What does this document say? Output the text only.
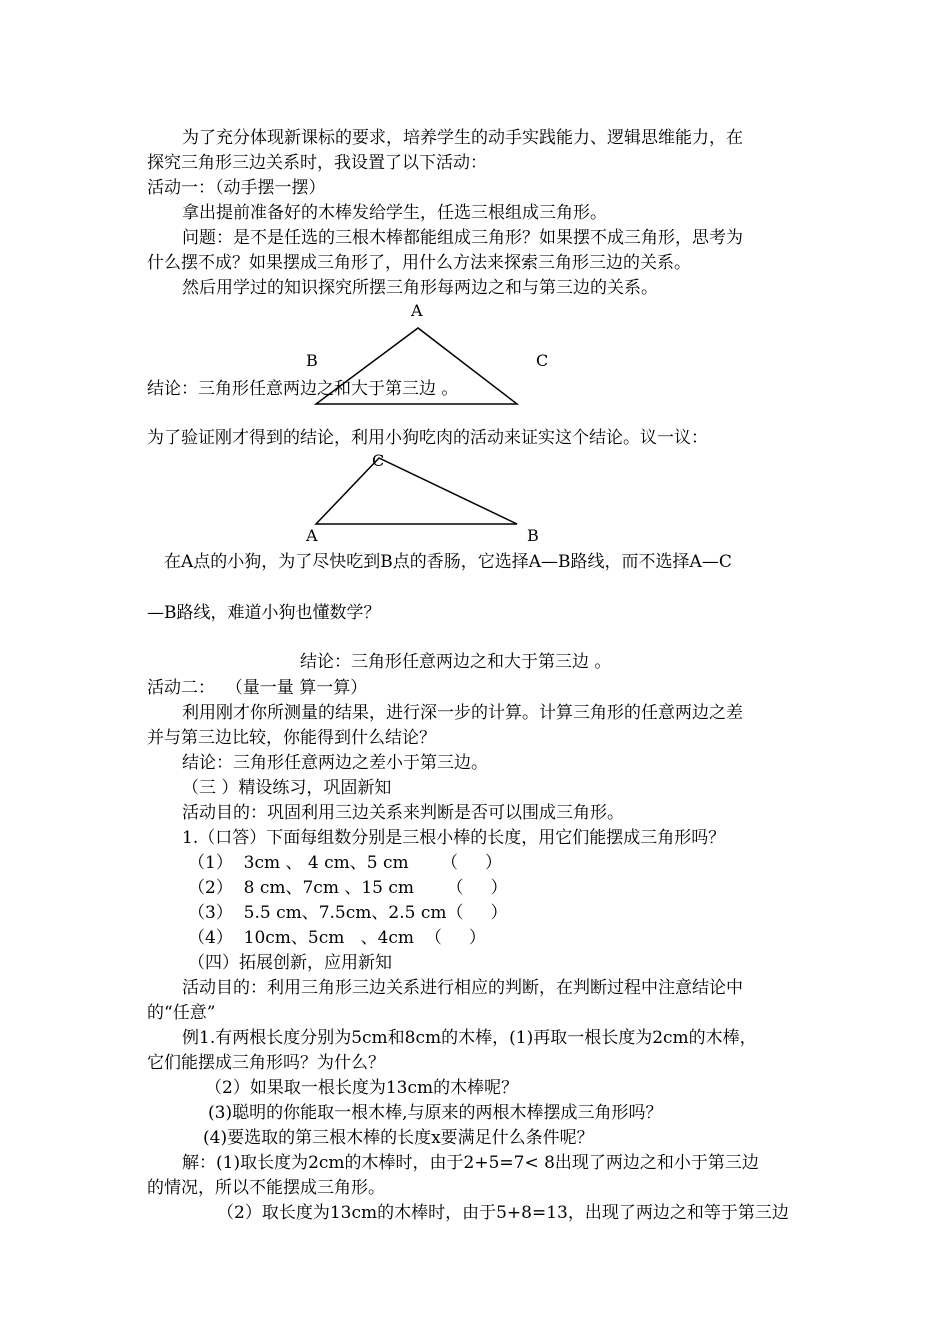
为了充分体现新课标的要求，培养学生的动手实践能力、逻辑思维能力，在
探究三角形三边关系时，我设置了以下活动：
活动一：（动手摆一摆）
拿出提前准备好的木棒发给学生，任选三根组成三角形。
问题：是不是任选的三根木棒都能组成三角形？如果摆不成三角形，思考为
什么摆不成？如果摆成三角形了，用什么方法来探索三角形三边的关系。
然后用学过的知识探究所摆三角形每两边之和与第三边的关系。
A
B	C
结论：三角形任意两边之和大于第三边 。
为了验证刚才得到的结论，利用小狗吃肉的活动来证实这个结论。议一议：
C
A	B
在A点的小狗，为了尽快吃到B点的香肠，它选择A—B路线，而不选择A—C
—B路线，难道小狗也懂数学？
结论：三角形任意两边之和大于第三边 。
活动二：  （量一量 算一算）
利用刚才你所测量的结果，进行深一步的计算。计算三角形的任意两边之差
并与第三边比较，你能得到什么结论？
结论：三角形任意两边之差小于第三边。
（三 ）精设练习，巩固新知
活动目的：巩固利用三边关系来判断是否可以围成三角形。
1.（口答）下面每组数分别是三根小棒的长度，用它们能摆成三角形吗？
（1）  3cm 、 4 cm、5 cm      （     ）
（2）  8 cm、7cm 、15 cm      （     ）
（3）  5.5 cm、7.5cm、2.5 cm（     ）
（4）  10cm、5cm   、4cm  （     ）
（四）拓展创新，应用新知
活动目的：利用三角形三边关系进行相应的判断，在判断过程中注意结论中
的“任意”
例1.有两根长度分别为5cm和8cm的木棒，(1)再取一根长度为2cm的木棒，
它们能摆成三角形吗？为什么？
（2）如果取一根长度为13cm的木棒呢？
(3)聪明的你能取一根木棒,与原来的两根木棒摆成三角形吗？
(4)要选取的第三根木棒的长度x要满足什么条件呢？
解：(1)取长度为2cm的木棒时，由于2+5=7< 8出现了两边之和小于第三边
的情况，所以不能摆成三角形。
（2）取长度为13cm的木棒时，由于5+8=13，出现了两边之和等于第三边
